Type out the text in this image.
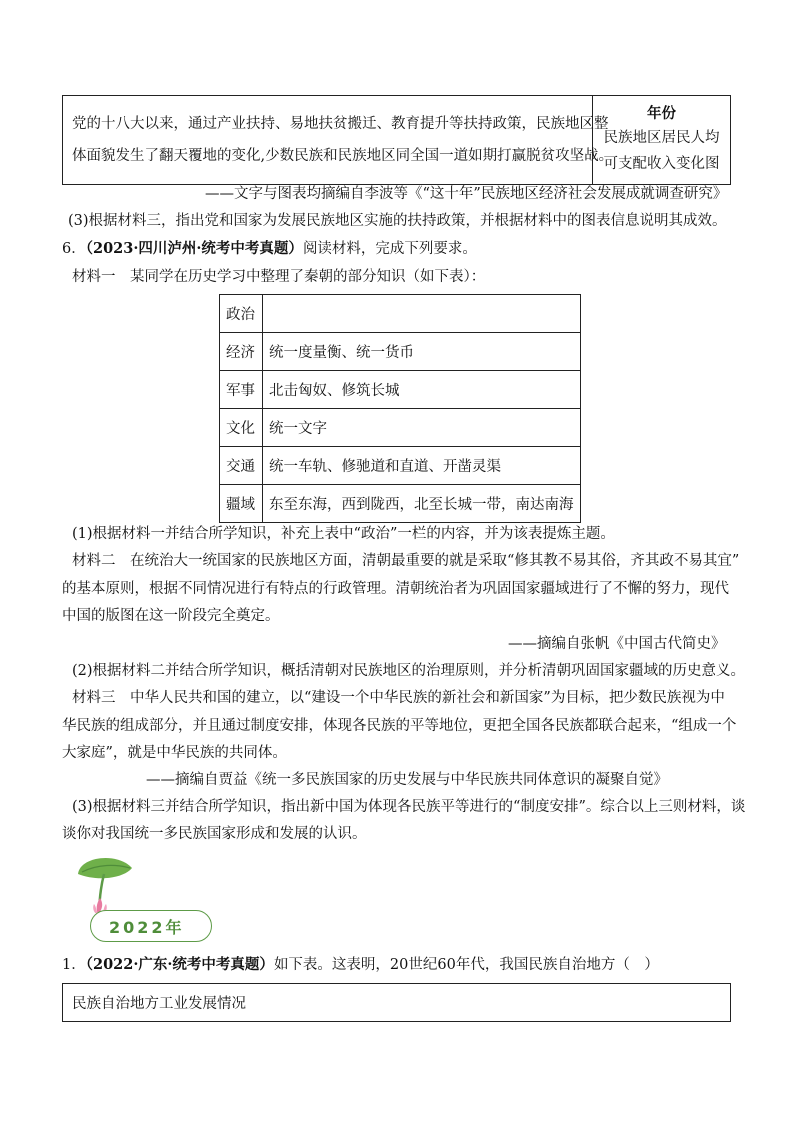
党的十八大以来，通过产业扶持、易地扶贫搬迁、教育提升等扶持政策，民族地区整
体面貌发生了翻天覆地的变化,少数民族和民族地区同全国一道如期打赢脱贫攻坚战。
年份
民族地区居民人均
可支配收入变化图
——文字与图表均摘编自李波等《“这十年”民族地区经济社会发展成就调查研究》
(3)根据材料三，指出党和国家为发展民族地区实施的扶持政策，并根据材料中的图表信息说明其成效。
6．（2023·四川泸州·统考中考真题）阅读材料，完成下列要求。
材料一　某同学在历史学习中整理了秦朝的部分知识（如下表）：
政治	
经济	统一度量衡、统一货币
军事	北击匈奴、修筑长城
文化	统一文字
交通	统一车轨、修驰道和直道、开凿灵渠
疆域	东至东海，西到陇西，北至长城一带，南达南海
(1)根据材料一并结合所学知识，补充上表中“政治”一栏的内容，并为该表提炼主题。
材料二　在统治大一统国家的民族地区方面，清朝最重要的就是采取“修其教不易其俗，齐其政不易其宜”
的基本原则，根据不同情况进行有特点的行政管理。清朝统治者为巩固国家疆域进行了不懈的努力，现代
中国的版图在这一阶段完全奠定。
——摘编自张帆《中国古代简史》
(2)根据材料二并结合所学知识，概括清朝对民族地区的治理原则，并分析清朝巩固国家疆域的历史意义。
材料三　中华人民共和国的建立，以“建设一个中华民族的新社会和新国家”为目标，把少数民族视为中
华民族的组成部分，并且通过制度安排，体现各民族的平等地位，更把全国各民族都联合起来，“组成一个
大家庭”，就是中华民族的共同体。
——摘编自贾益《统一多民族国家的历史发展与中华民族共同体意识的凝聚自觉》
(3)根据材料三并结合所学知识，指出新中国为体现各民族平等进行的“制度安排”。综合以上三则材料，谈
谈你对我国统一多民族国家形成和发展的认识。
2022年
1．（2022·广东·统考中考真题）如下表。这表明，20世纪60年代，我国民族自治地方（　）
民族自治地方工业发展情况
